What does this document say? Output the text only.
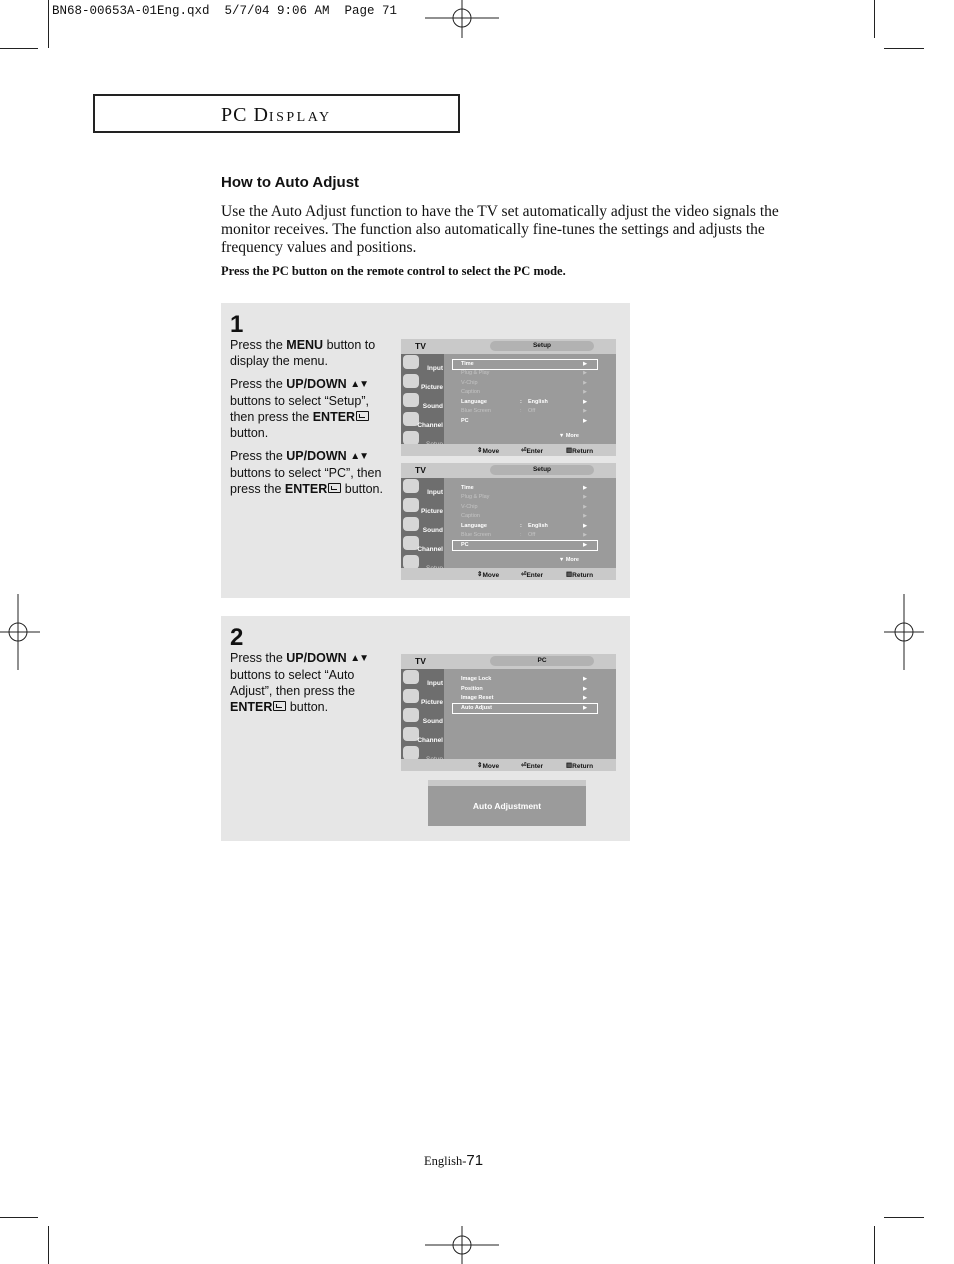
BN68-00653A-01Eng.qxd  5/7/04 9:06 AM  Page 71
PC DISPLAY
How to Auto Adjust
Use the Auto Adjust function to have the TV set automatically adjust the video signals the monitor receives. The function also automatically fine-tunes the settings and adjusts the frequency values and positions.
Press the PC button on the remote control to select the PC mode.
1

Press the MENU button to display the menu.

Press the UP/DOWN ▲▼ buttons to select “Setup”, then press the ENTER button.

Press the UP/DOWN ▲▼ buttons to select “PC”, then press the ENTER button.

TV	Setup
Input
Picture
Sound
Channel
Time	▶
Plug & Play	▶
V-Chip	▶
Caption	▶
Language	: English	▶
Blue Screen	: Off	▶
PC	▶
▼ More
⇕ Move	⏎ Enter	▥ Return
TV	Setup
Input
Picture
Sound
Channel
Time	▶
Plug & Play	▶
V-Chip	▶
Caption	▶
Language	: English	▶
Blue Screen	: Off	▶
PC	▶
▼ More
⇕ Move	⏎ Enter	▥ Return
2

Press the UP/DOWN ▲▼ buttons to select “Auto Adjust”, then press the ENTER button.

TV	PC
Input
Picture
Sound
Channel
Image Lock	▶
Position	▶
Image Reset	▶
Auto Adjust	▶
⇕ Move	⏎ Enter	▥ Return
Auto Adjustment
English-71
